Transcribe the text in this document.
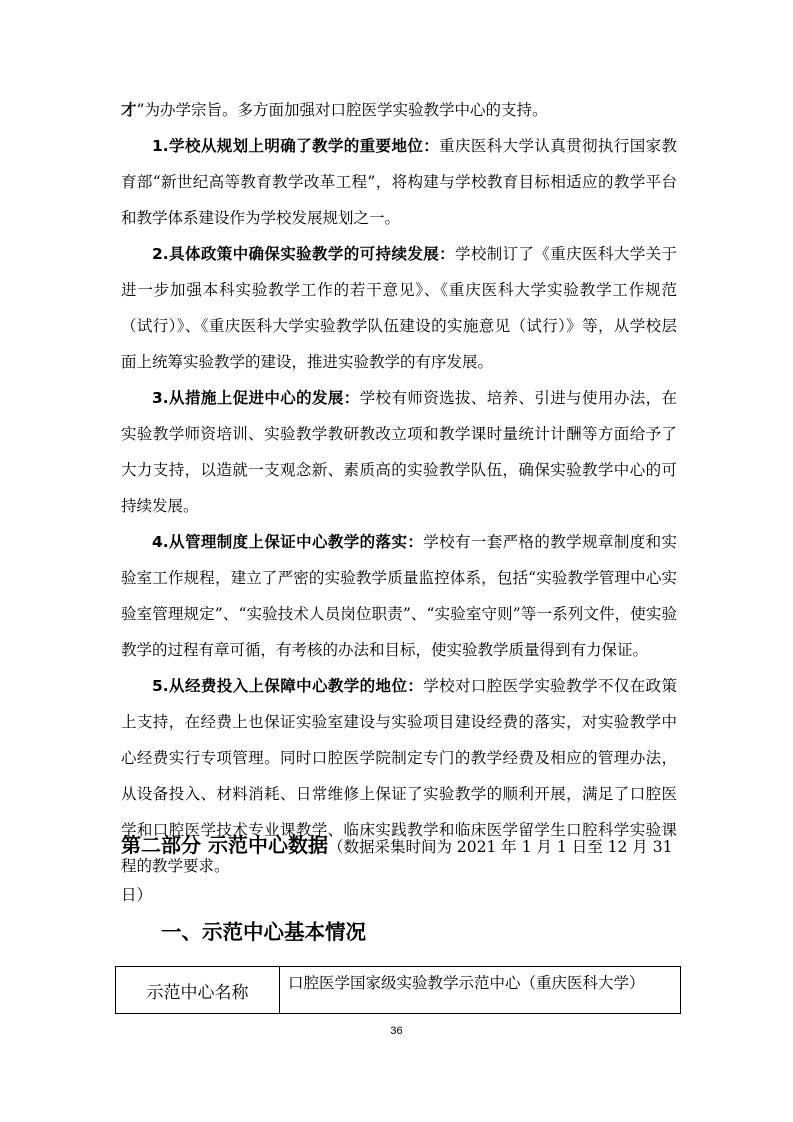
才”为办学宗旨。多方面加强对口腔医学实验教学中心的支持。

1.学校从规划上明确了教学的重要地位：重庆医科大学认真贯彻执行国家教育部“新世纪高等教育教学改革工程”，将构建与学校教育目标相适应的教学平台和教学体系建设作为学校发展规划之一。

2.具体政策中确保实验教学的可持续发展：学校制订了《重庆医科大学关于进一步加强本科实验教学工作的若干意见》、《重庆医科大学实验教学工作规范（试行）》、《重庆医科大学实验教学队伍建设的实施意见（试行）》等，从学校层面上统筹实验教学的建设，推进实验教学的有序发展。

3.从措施上促进中心的发展：学校有师资选拔、培养、引进与使用办法，在实验教学师资培训、实验教学教研教改立项和教学课时量统计计酬等方面给予了大力支持，以造就一支观念新、素质高的实验教学队伍，确保实验教学中心的可持续发展。

4.从管理制度上保证中心教学的落实：学校有一套严格的教学规章制度和实验室工作规程，建立了严密的实验教学质量监控体系，包括“实验教学管理中心实验室管理规定”、“实验技术人员岗位职责”、“实验室守则”等一系列文件，使实验教学的过程有章可循，有考核的办法和目标，使实验教学质量得到有力保证。

5.从经费投入上保障中心教学的地位：学校对口腔医学实验教学不仅在政策上支持，在经费上也保证实验室建设与实验项目建设经费的落实，对实验教学中心经费实行专项管理。同时口腔医学院制定专门的教学经费及相应的管理办法，从设备投入、材料消耗、日常维修上保证了实验教学的顺利开展，满足了口腔医学和口腔医学技术专业课教学、临床实践教学和临床医学留学生口腔科学实验课程的教学要求。

第二部分 示范中心数据（数据采集时间为 2021 年 1 月 1 日至 12 月 31 日）
一、示范中心基本情况
示范中心名称	口腔医学国家级实验教学示范中心（重庆医科大学）
36
